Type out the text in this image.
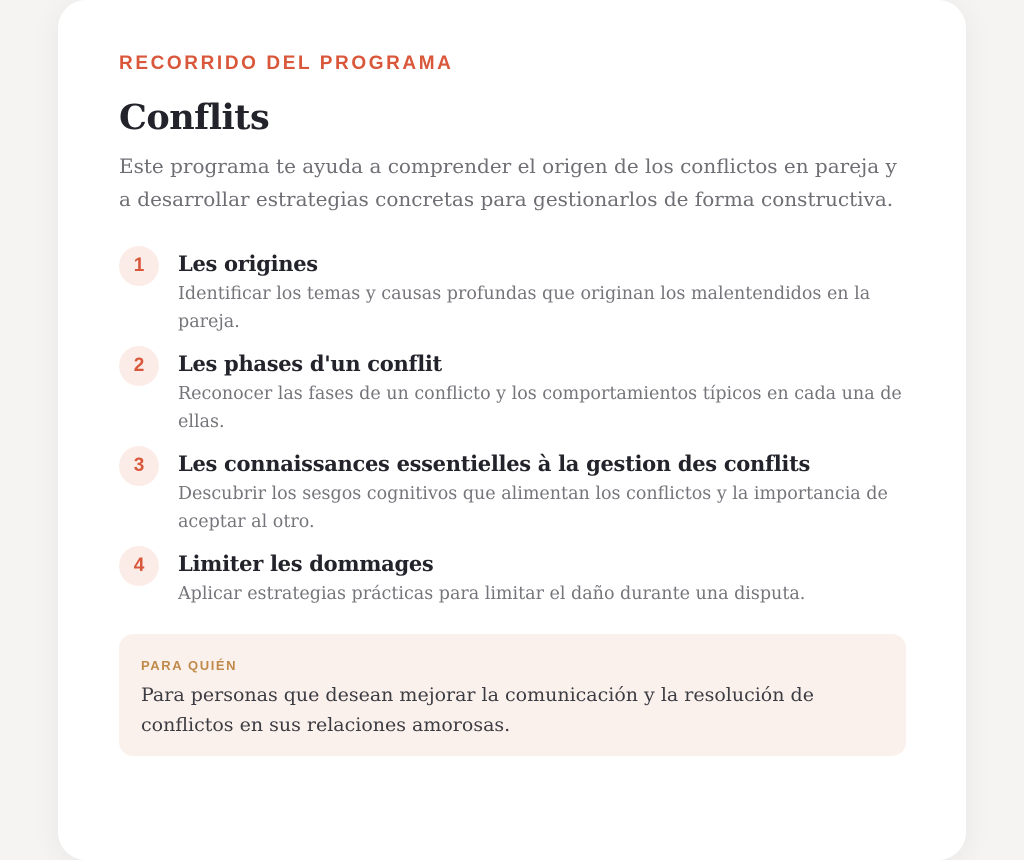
RECORRIDO DEL PROGRAMA

Conflits

Este programa te ayuda a comprender el origen de los conflictos en pareja y a desarrollar estrategias concretas para gestionarlos de forma constructiva.

1	Les origines

Identificar los temas y causas profundas que originan los malentendidos en la pareja.

2	Les phases d'un conflit

Reconocer las fases de un conflicto y los comportamientos típicos en cada una de ellas.

3	Les connaissances essentielles à la gestion des conflits

Descubrir los sesgos cognitivos que alimentan los conflictos y la importancia de aceptar al otro.

4	Limiter les dommages

Aplicar estrategias prácticas para limitar el daño durante una disputa.

PARA QUIÉN

Para personas que desean mejorar la comunicación y la resolución de conflictos en sus relaciones amorosas.
